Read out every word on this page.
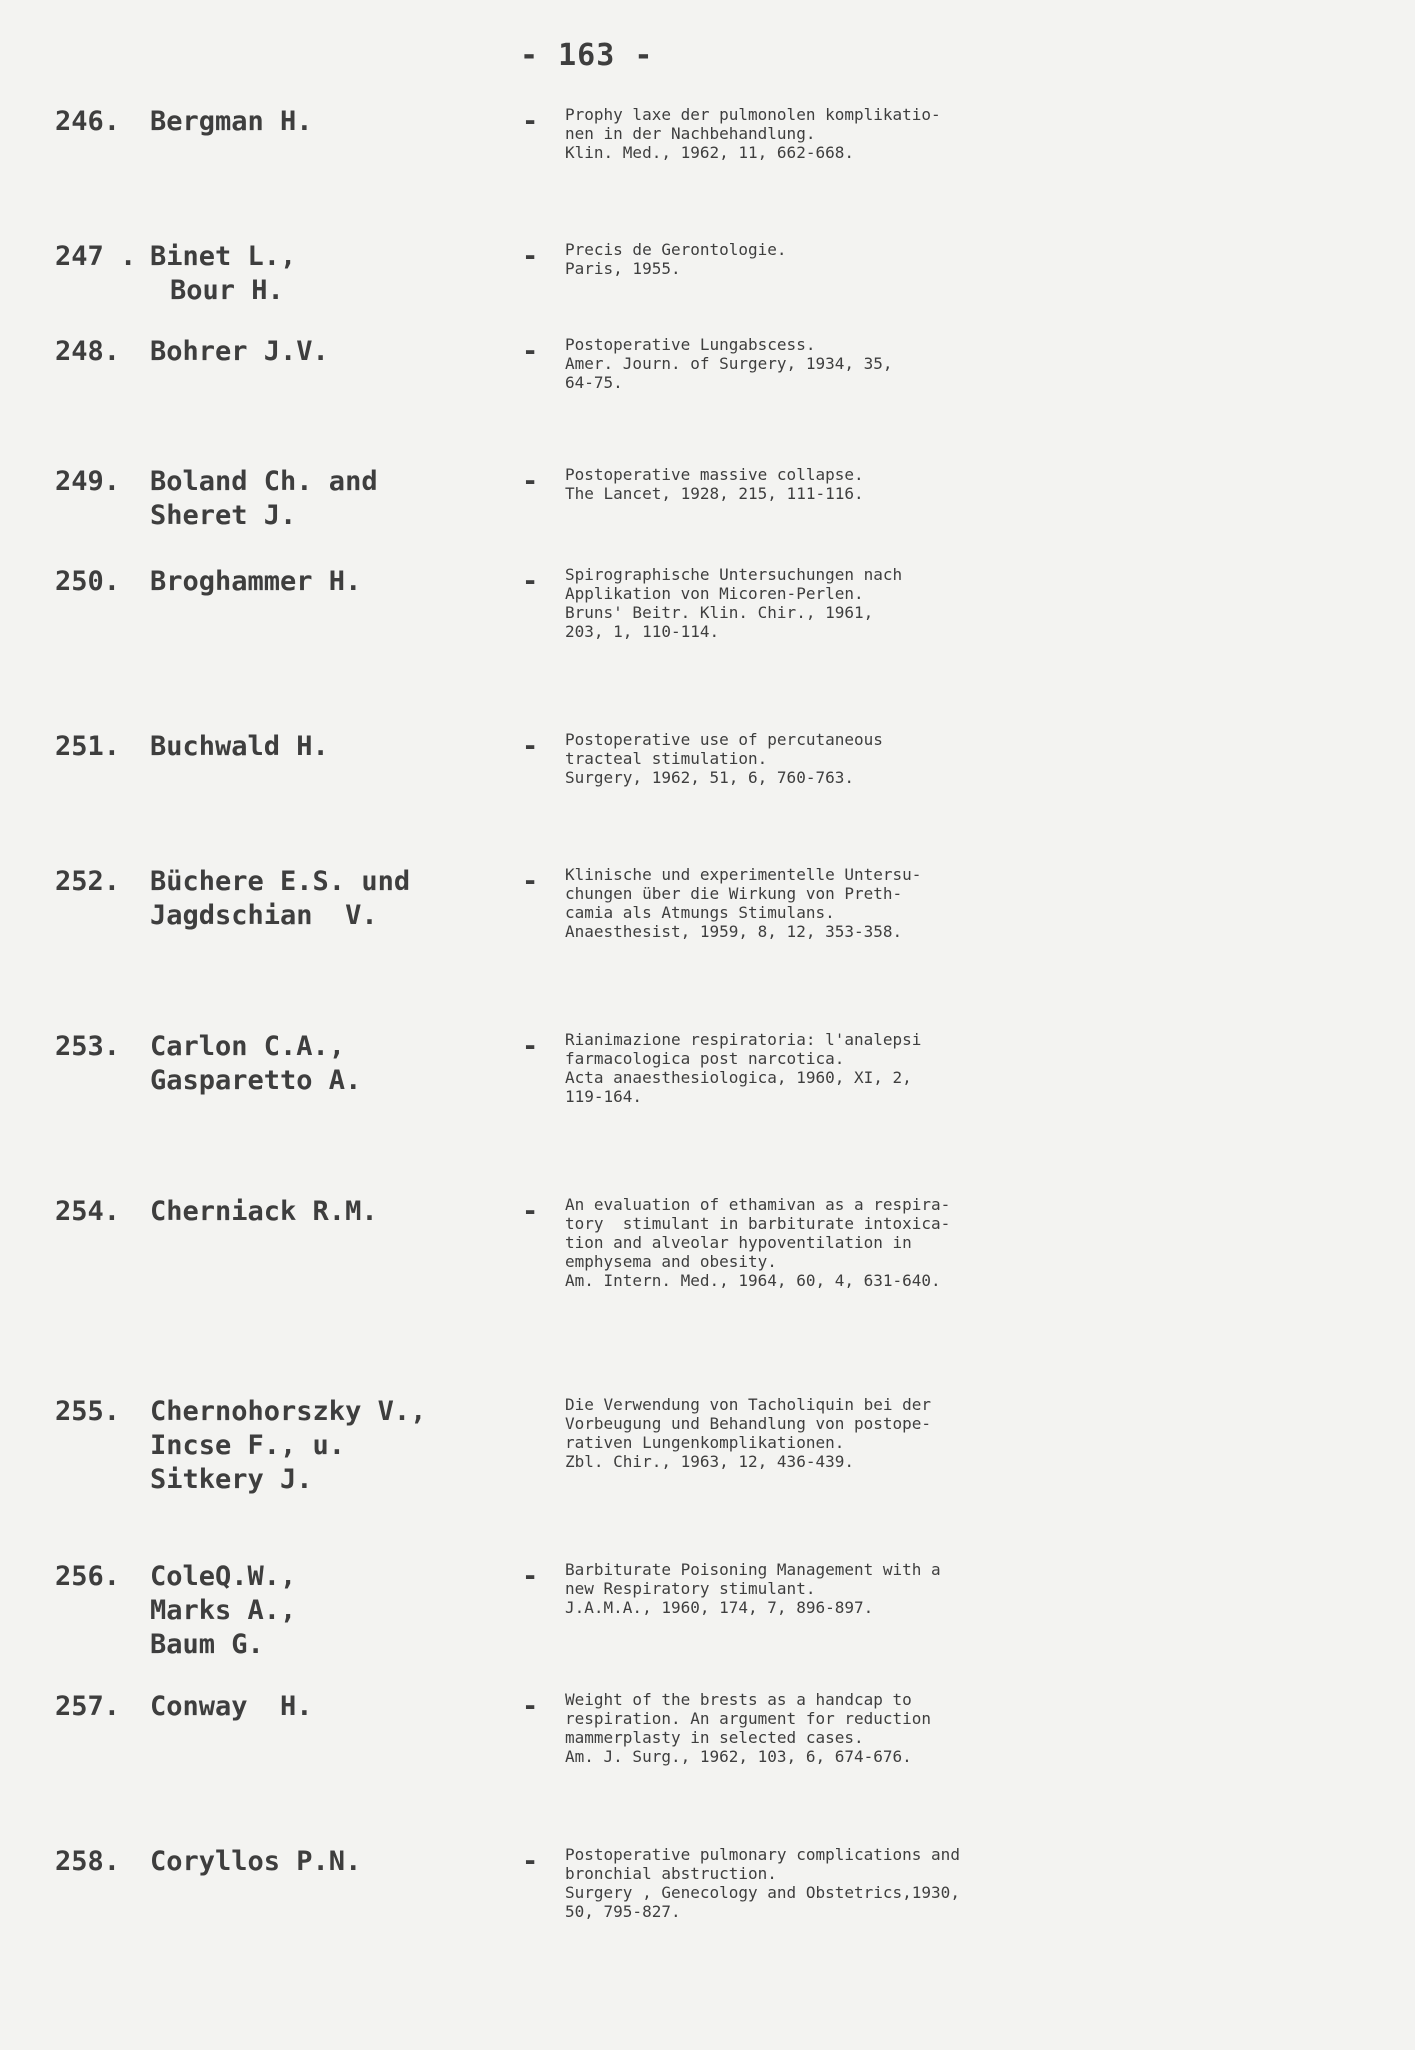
- 163 -
246. Bergman H.	- Prophy laxe der pulmonolen komplikatio-
nen in der Nachbehandlung.
Klin. Med., 1962, 11, 662-668.
247 . Binet L.,
Bour H.
- Precis de Gerontologie.
Paris, 1955.
248. Bohrer J.V.	- Postoperative Lungabscess.
Amer. Journ. of Surgery, 1934, 35,
64-75.
249. Boland Ch. and
Sheret J.
- Postoperative massive collapse.
The Lancet, 1928, 215, 111-116.
250. Broghammer H.	- Spirographische Untersuchungen nach
Applikation von Micoren-Perlen.
Bruns' Beitr. Klin. Chir., 1961,
203, 1, 110-114.
251. Buchwald H.	- Postoperative use of percutaneous
tracteal stimulation.
Surgery, 1962, 51, 6, 760-763.
252. Büchere E.S. und
Jagdschian  V.
- Klinische und experimentelle Untersu-
chungen über die Wirkung von Preth-
camia als Atmungs Stimulans.
Anaesthesist, 1959, 8, 12, 353-358.
253. Carlon C.A.,
Gasparetto A.
- Rianimazione respiratoria: l'analepsi
farmacologica post narcotica.
Acta anaesthesiologica, 1960, XI, 2,
119-164.
254. Cherniack R.M.	- An evaluation of ethamivan as a respira-
tory  stimulant in barbiturate intoxica-
tion and alveolar hypoventilation in
emphysema and obesity.
Am. Intern. Med., 1964, 60, 4, 631-640.
255. Chernohorszky V.,
Incse F., u.
Sitkery J.
Die Verwendung von Tacholiquin bei der
Vorbeugung und Behandlung von postope-
rativen Lungenkomplikationen.
Zbl. Chir., 1963, 12, 436-439.
256. ColeQ.W.,
Marks A.,
Baum G.
- Barbiturate Poisoning Management with a
new Respiratory stimulant.
J.A.M.A., 1960, 174, 7, 896-897.
257. Conway  H.	- Weight of the brests as a handcap to
respiration. An argument for reduction
mammerplasty in selected cases.
Am. J. Surg., 1962, 103, 6, 674-676.
258. Coryllos P.N.	- Postoperative pulmonary complications and
bronchial abstruction.
Surgery , Genecology and Obstetrics,1930,
50, 795-827.
